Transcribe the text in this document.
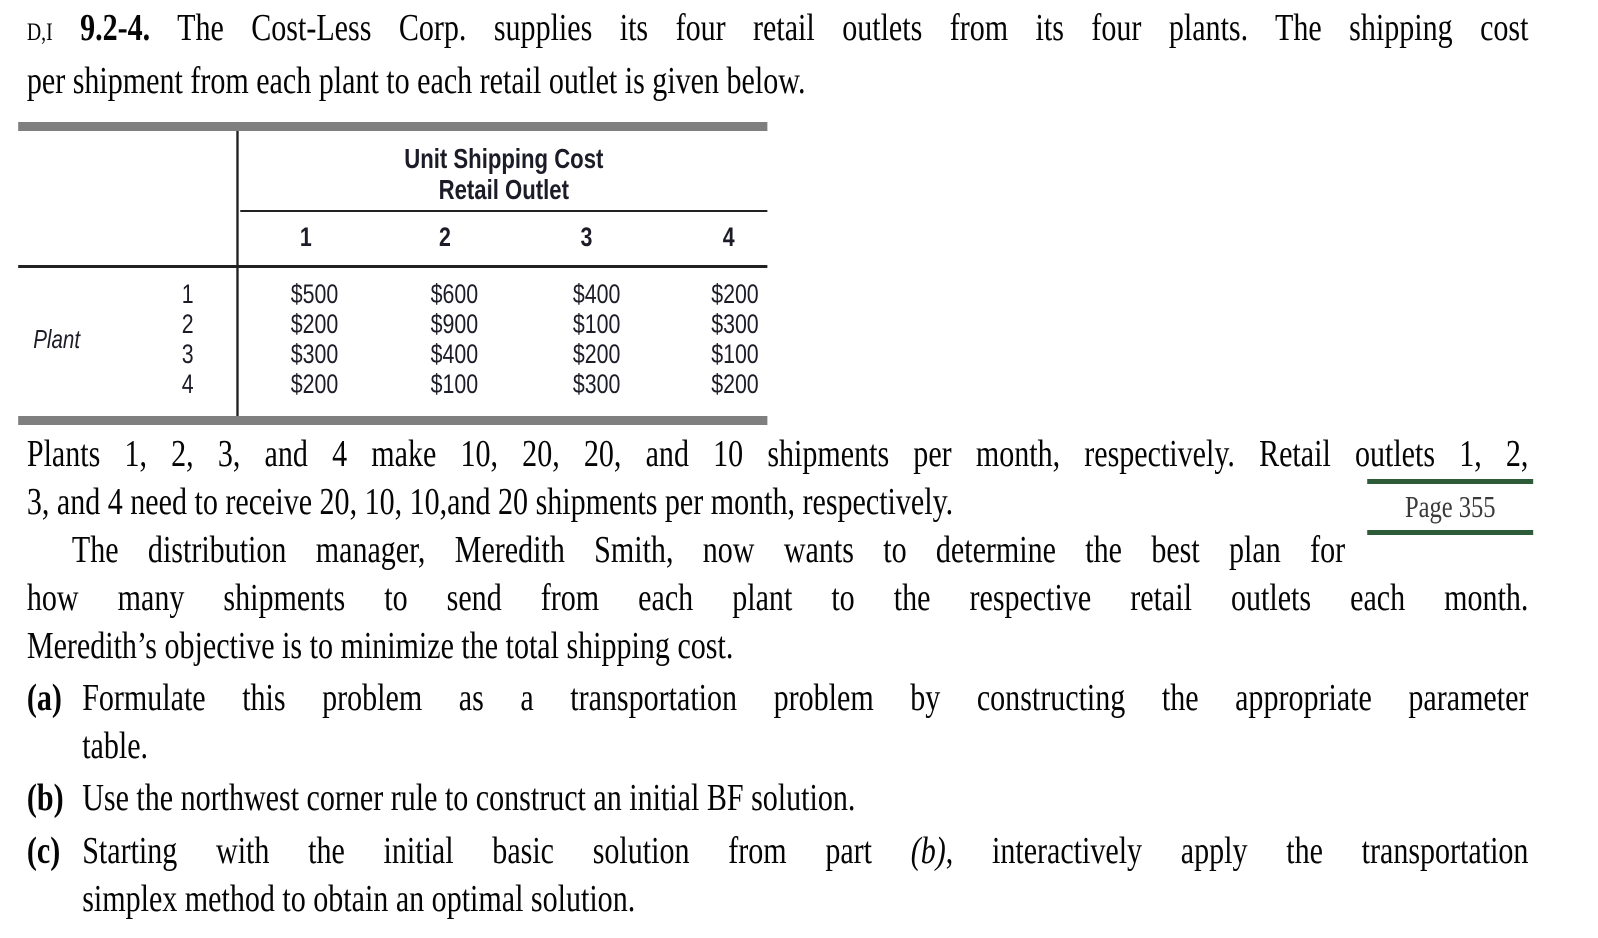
D,I 9.2-4. The Cost-Less Corp. supplies its four retail outlets from its four plants. The shipping cost
per shipment from each plant to each retail outlet is given below.
Unit Shipping Cost
Retail Outlet
1	2	3	4
Plant
1	$500	$600	$400	$200
2	$200	$900	$100	$300
3	$300	$400	$200	$100
4	$200	$100	$300	$200
Plants 1, 2, 3, and 4 make 10, 20, 20, and 10 shipments per month, respectively. Retail outlets 1, 2,
3, and 4 need to receive 20, 10, 10,and 20 shipments per month, respectively.	Page 355
The distribution manager, Meredith Smith, now wants to determine the best plan for
how many shipments to send from each plant to the respective retail outlets each month.
Meredith’s objective is to minimize the total shipping cost.
(a) Formulate this problem as a transportation problem by constructing the appropriate parameter
table.
(b) Use the northwest corner rule to construct an initial BF solution.
(c) Starting with the initial basic solution from part (b), interactively apply the transportation
simplex method to obtain an optimal solution.
